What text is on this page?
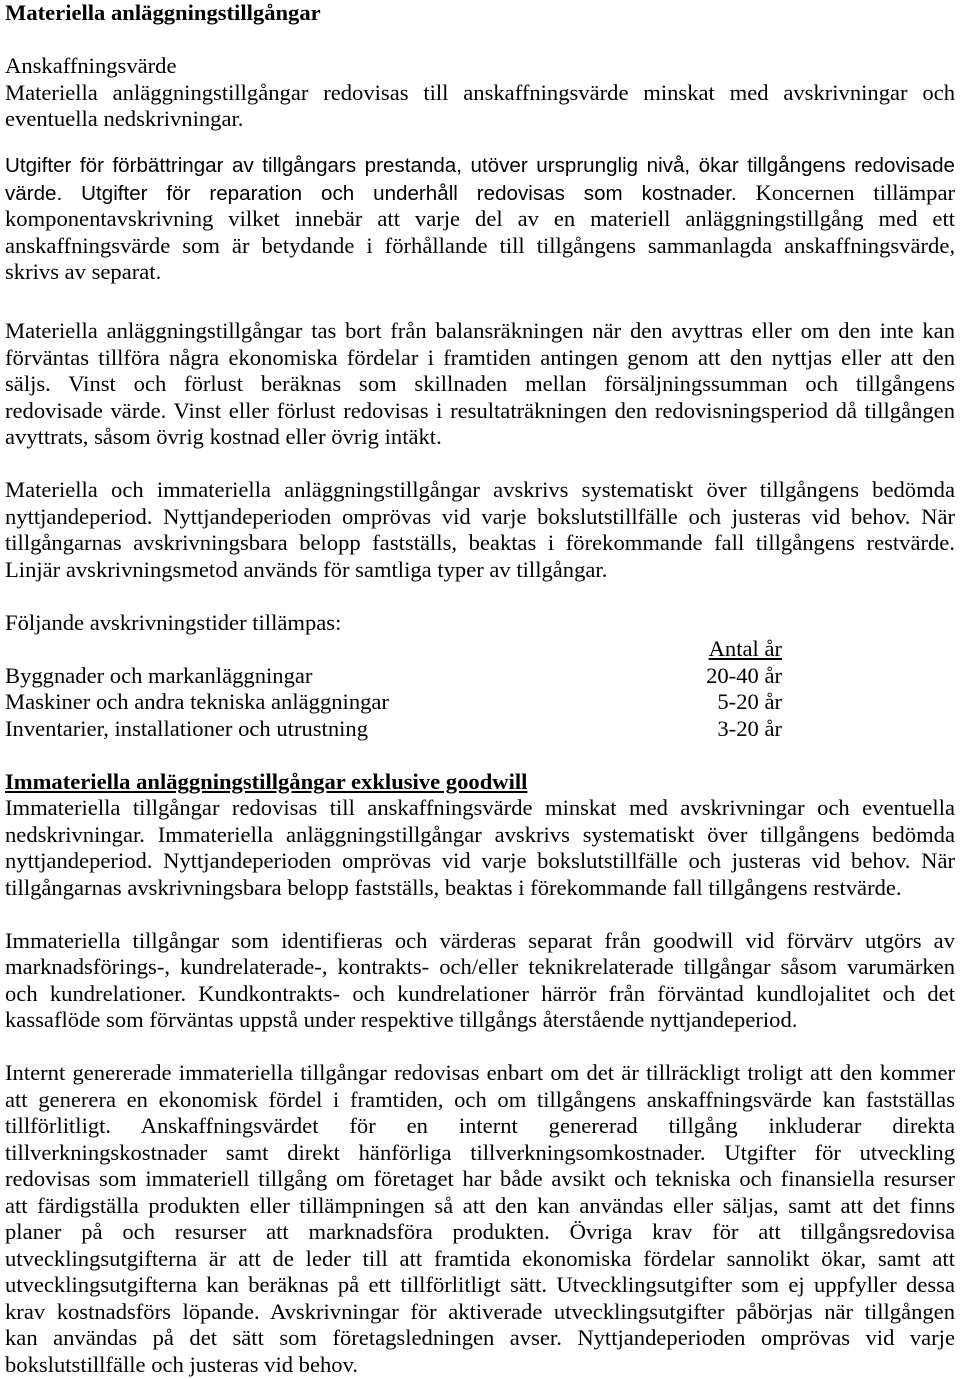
Materiella anläggningstillgångar
Anskaffningsvärde
Materiella anläggningstillgångar redovisas till anskaffningsvärde minskat med avskrivningar och
eventuella nedskrivningar.
Utgifter för förbättringar av tillgångars prestanda, utöver ursprunglig nivå, ökar tillgångens redovisade
värde. Utgifter för reparation och underhåll redovisas som kostnader. Koncernen tillämpar
komponentavskrivning vilket innebär att varje del av en materiell anläggningstillgång med ett
anskaffningsvärde som är betydande i förhållande till tillgångens sammanlagda anskaffningsvärde,
skrivs av separat.
Materiella anläggningstillgångar tas bort från balansräkningen när den avyttras eller om den inte kan
förväntas tillföra några ekonomiska fördelar i framtiden antingen genom att den nyttjas eller att den
säljs. Vinst och förlust beräknas som skillnaden mellan försäljningssumman och tillgångens
redovisade värde. Vinst eller förlust redovisas i resultaträkningen den redovisningsperiod då tillgången
avyttrats, såsom övrig kostnad eller övrig intäkt.
Materiella och immateriella anläggningstillgångar avskrivs systematiskt över tillgångens bedömda
nyttjandeperiod. Nyttjandeperioden omprövas vid varje bokslutstillfälle och justeras vid behov. När
tillgångarnas avskrivningsbara belopp fastställs, beaktas i förekommande fall tillgångens restvärde.
Linjär avskrivningsmetod används för samtliga typer av tillgångar.
Följande avskrivningstider tillämpas:
Antal år
Byggnader och markanläggningar	20-40 år
Maskiner och andra tekniska anläggningar	5-20 år
Inventarier, installationer och utrustning	3-20 år
Immateriella anläggningstillgångar exklusive goodwill
Immateriella tillgångar redovisas till anskaffningsvärde minskat med avskrivningar och eventuella
nedskrivningar. Immateriella anläggningstillgångar avskrivs systematiskt över tillgångens bedömda
nyttjandeperiod. Nyttjandeperioden omprövas vid varje bokslutstillfälle och justeras vid behov. När
tillgångarnas avskrivningsbara belopp fastställs, beaktas i förekommande fall tillgångens restvärde.
Immateriella tillgångar som identifieras och värderas separat från goodwill vid förvärv utgörs av
marknadsförings-, kundrelaterade-, kontrakts- och/eller teknikrelaterade tillgångar såsom varumärken
och kundrelationer. Kundkontrakts- och kundrelationer härrör från förväntad kundlojalitet och det
kassaflöde som förväntas uppstå under respektive tillgångs återstående nyttjandeperiod.
Internt genererade immateriella tillgångar redovisas enbart om det är tillräckligt troligt att den kommer
att generera en ekonomisk fördel i framtiden, och om tillgångens anskaffningsvärde kan fastställas
tillförlitligt. Anskaffningsvärdet för en internt genererad tillgång inkluderar direkta
tillverkningskostnader samt direkt hänförliga tillverkningsomkostnader. Utgifter för utveckling
redovisas som immateriell tillgång om företaget har både avsikt och tekniska och finansiella resurser
att färdigställa produkten eller tillämpningen så att den kan användas eller säljas, samt att det finns
planer på och resurser att marknadsföra produkten. Övriga krav för att tillgångsredovisa
utvecklingsutgifterna är att de leder till att framtida ekonomiska fördelar sannolikt ökar, samt att
utvecklingsutgifterna kan beräknas på ett tillförlitligt sätt. Utvecklingsutgifter som ej uppfyller dessa
krav kostnadsförs löpande. Avskrivningar för aktiverade utvecklingsutgifter påbörjas när tillgången
kan användas på det sätt som företagsledningen avser. Nyttjandeperioden omprövas vid varje
bokslutstillfälle och justeras vid behov.
